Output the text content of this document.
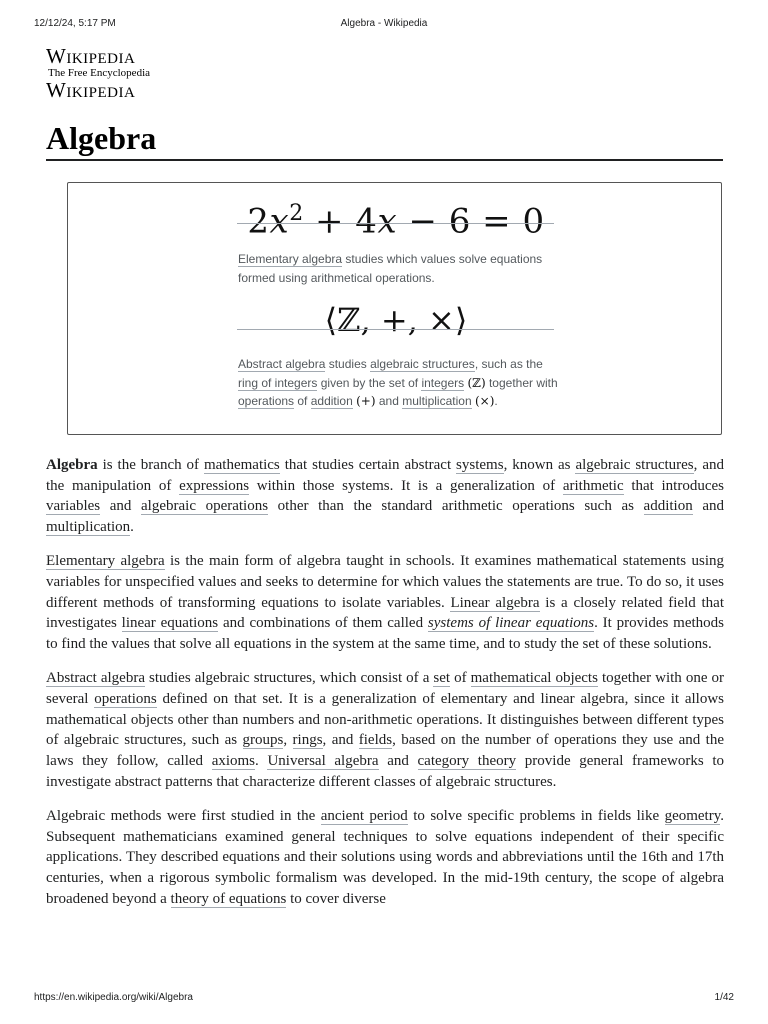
12/12/24, 5:17 PM	Algebra - Wikipedia
Wikipedia
The Free Encyclopedia
Wikipedia
Algebra
$2x^2 + 4x - 6 = 0$
Elementary algebra studies which values solve equations formed using arithmetical operations.
⟨ℤ, +, ×⟩
Abstract algebra studies algebraic structures, such as the ring of integers given by the set of integers (ℤ) together with operations of addition (+) and multiplication (×).

Algebra is the branch of mathematics that studies certain abstract systems, known as algebraic structures, and the manipulation of expressions within those systems. It is a generalization of arithmetic that introduces variables and algebraic operations other than the standard arithmetic operations such as addition and multiplication.

Elementary algebra is the main form of algebra taught in schools. It examines mathematical statements using variables for unspecified values and seeks to determine for which values the statements are true. To do so, it uses different methods of transforming equations to isolate variables. Linear algebra is a closely related field that investigates linear equations and combinations of them called systems of linear equations. It provides methods to find the values that solve all equations in the system at the same time, and to study the set of these solutions.

Abstract algebra studies algebraic structures, which consist of a set of mathematical objects together with one or several operations defined on that set. It is a generalization of elementary and linear algebra, since it allows mathematical objects other than numbers and non-arithmetic operations. It distinguishes between different types of algebraic structures, such as groups, rings, and fields, based on the number of operations they use and the laws they follow, called axioms. Universal algebra and category theory provide general frameworks to investigate abstract patterns that characterize different classes of algebraic structures.

Algebraic methods were first studied in the ancient period to solve specific problems in fields like geometry. Subsequent mathematicians examined general techniques to solve equations independent of their specific applications. They described equations and their solutions using words and abbreviations until the 16th and 17th centuries, when a rigorous symbolic formalism was developed. In the mid-19th century, the scope of algebra broadened beyond a theory of equations to cover diverse

https://en.wikipedia.org/wiki/Algebra	1/42
